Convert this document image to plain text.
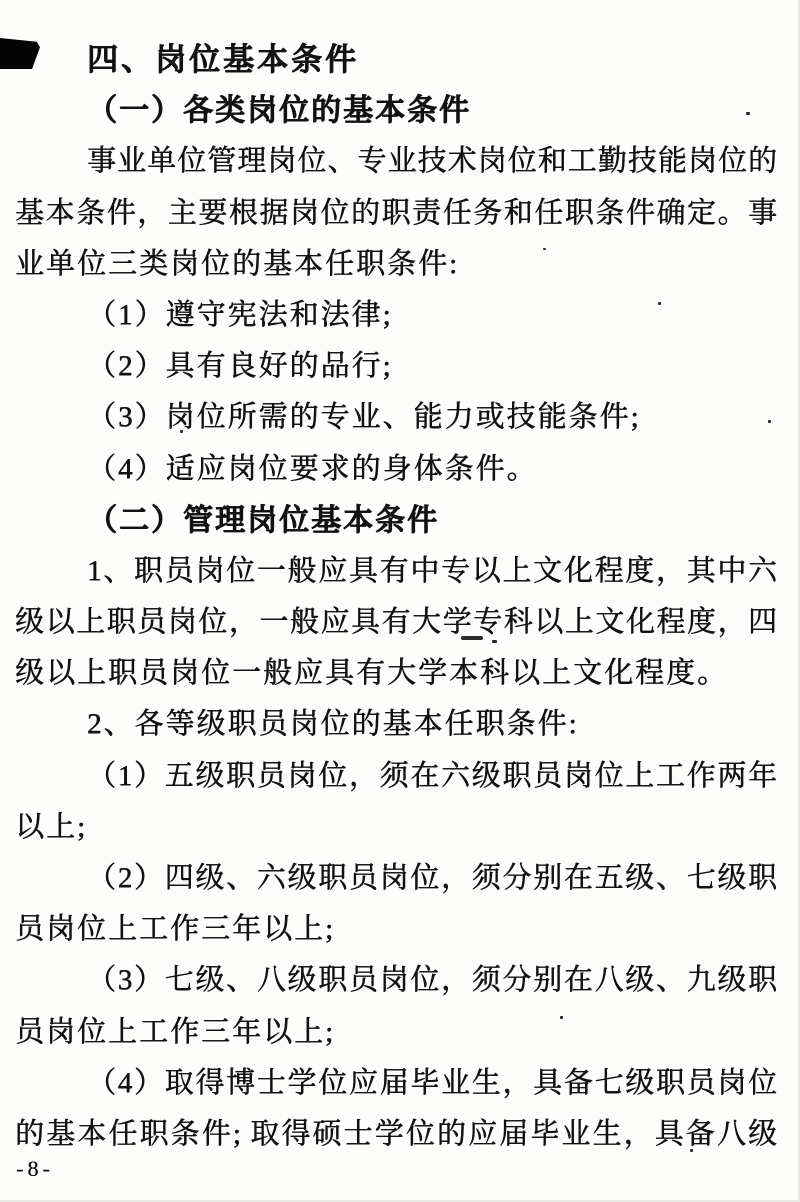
四、岗位基本条件
（一）各类岗位的基本条件
事业单位管理岗位、专业技术岗位和工勤技能岗位的
基本条件，主要根据岗位的职责任务和任职条件确定。事
业单位三类岗位的基本任职条件:
（1）遵守宪法和法律;
（2）具有良好的品行;
（3）岗位所需的专业、能力或技能条件;
（4）适应岗位要求的身体条件。
（二）管理岗位基本条件
1、职员岗位一般应具有中专以上文化程度，其中六
级以上职员岗位，一般应具有大学专科以上文化程度，四
级以上职员岗位一般应具有大学本科以上文化程度。
2、各等级职员岗位的基本任职条件:
（1）五级职员岗位，须在六级职员岗位上工作两年
以上;
（2）四级、六级职员岗位，须分别在五级、七级职
员岗位上工作三年以上;
（3）七级、八级职员岗位，须分别在八级、九级职
员岗位上工作三年以上;
（4）取得博士学位应届毕业生，具备七级职员岗位
的基本任职条件; 取得硕士学位的应届毕业生，具备八级
-8-
